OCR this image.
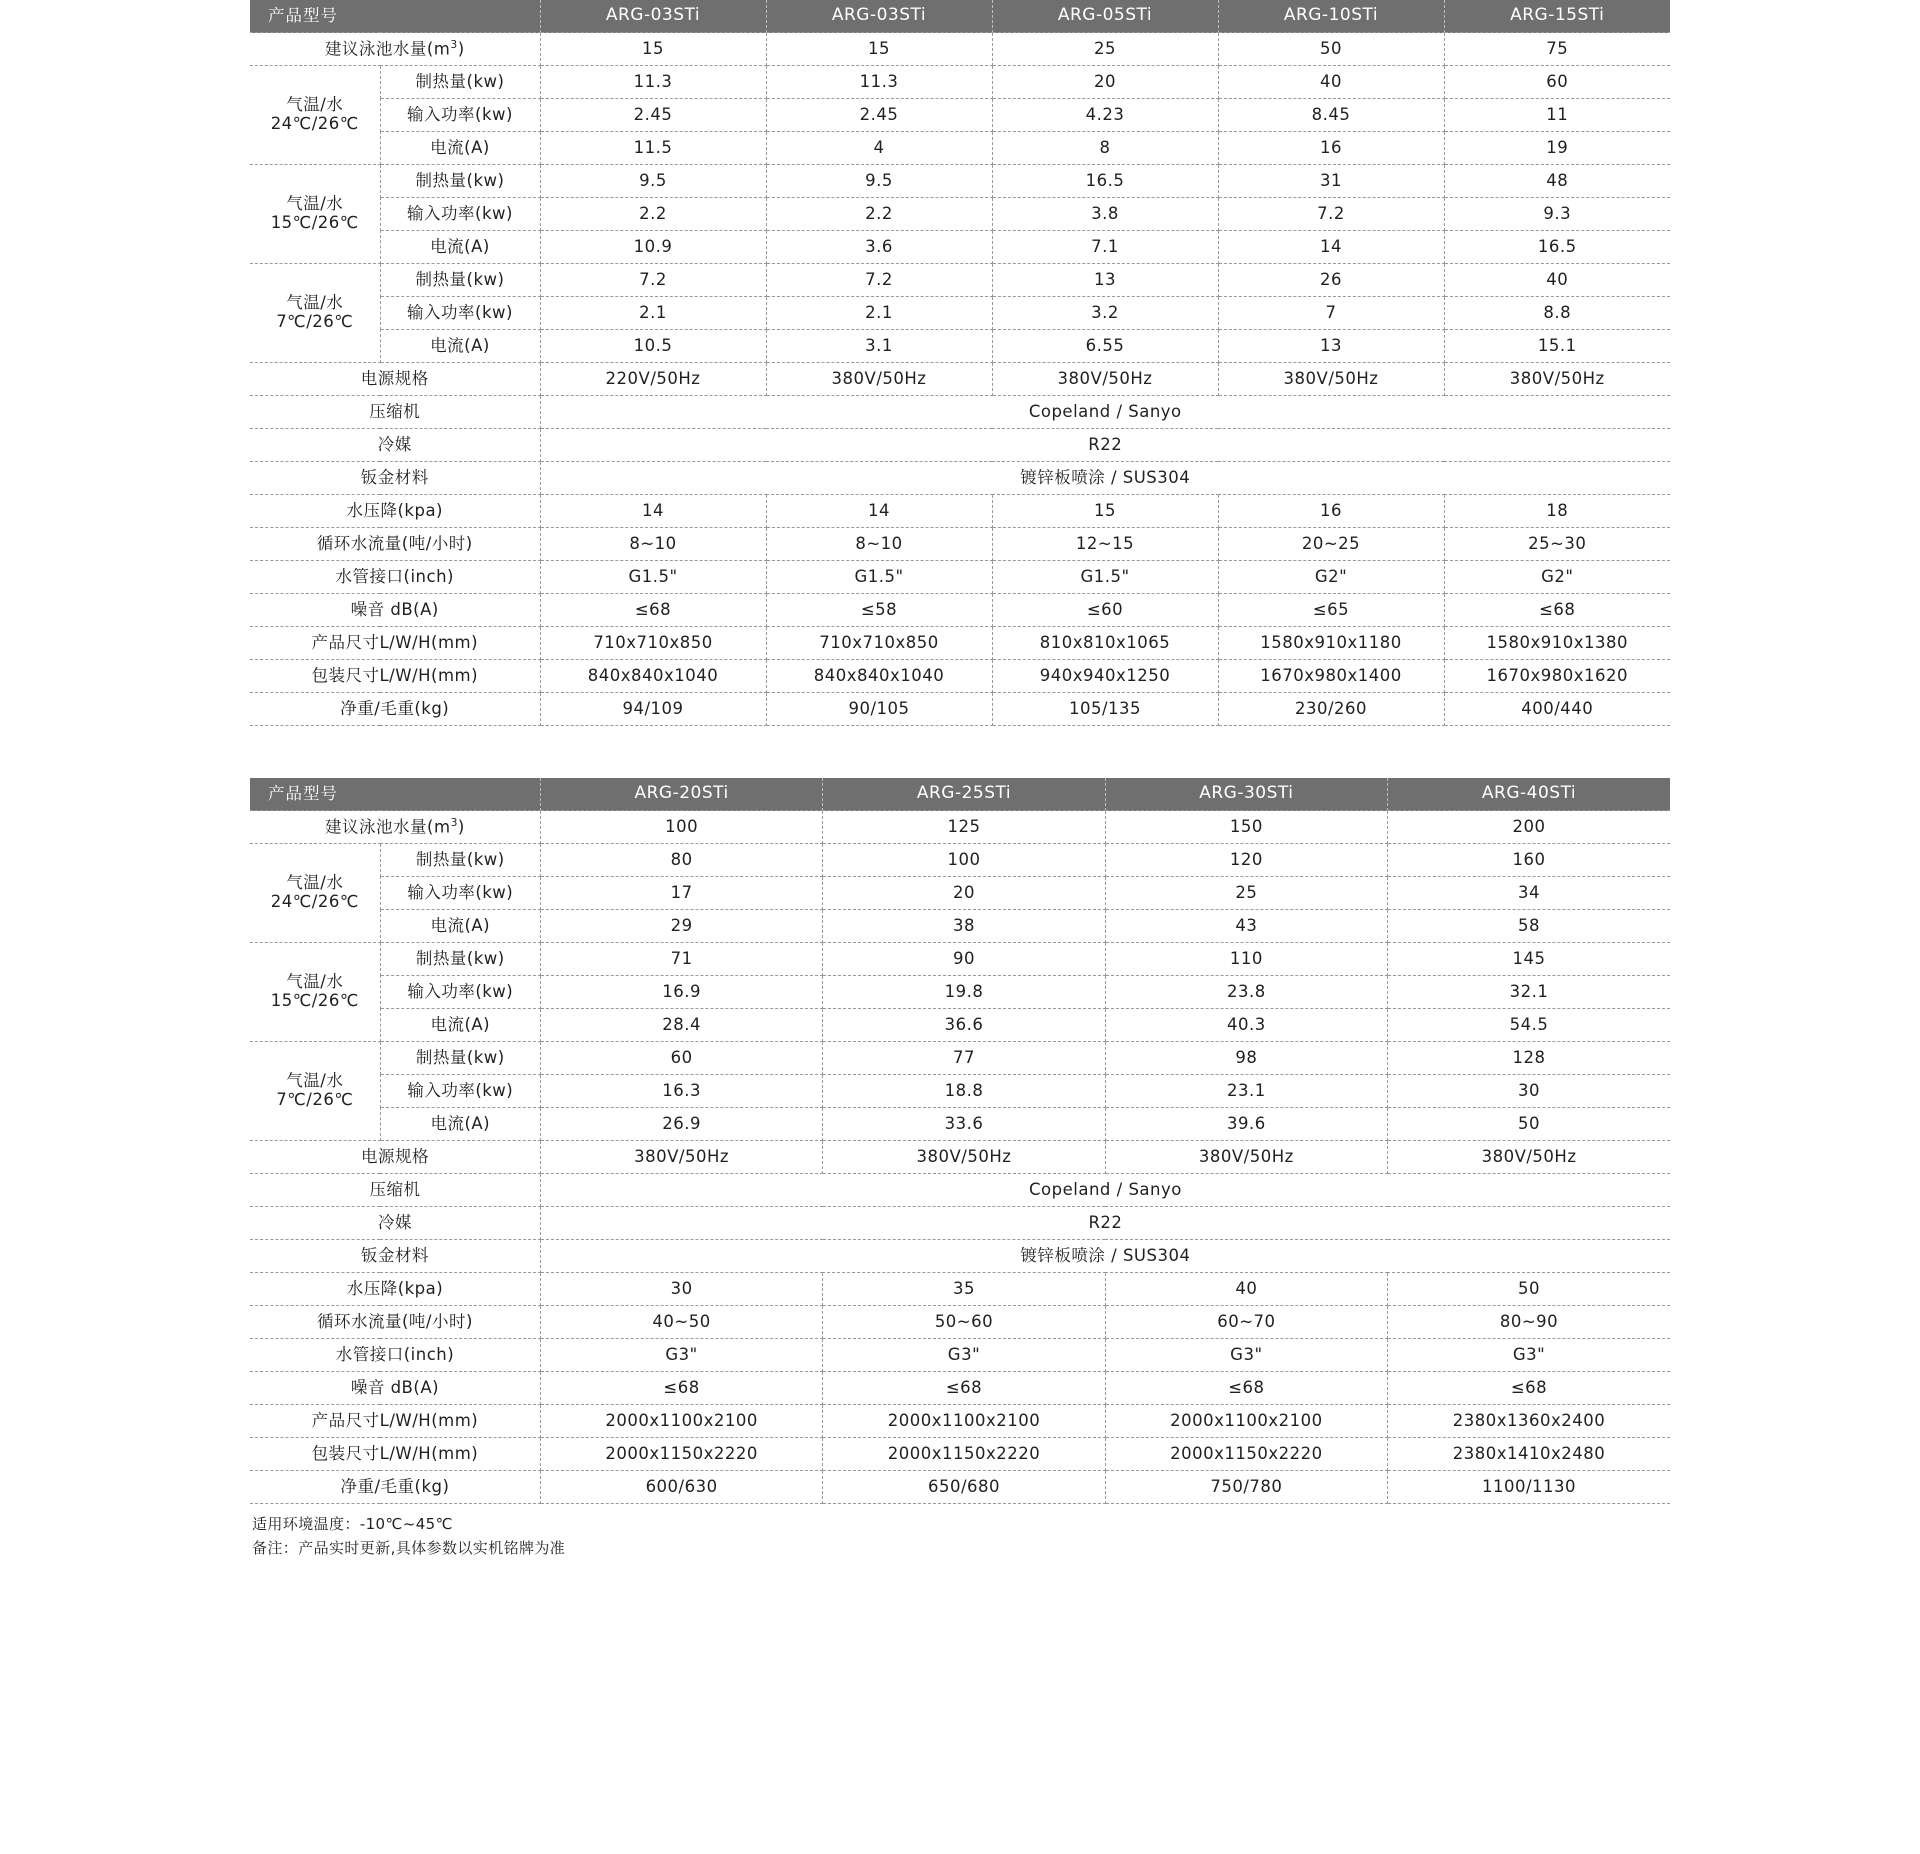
产品型号		ARG-03STi	ARG-03STi	ARG-05STi	ARG-10STi	ARG-15STi
建议泳池水量$(m^3)$		15	15	25	50	75

气温/水
24℃/26℃	制热量(kw)	11.3	11.3	20	40	60
	输入功率(kw)	2.45	2.45	4.23	8.45	11
	电流(A)	11.5	4	8	16	19

气温/水
15℃/26℃	制热量(kw)	9.5	9.5	16.5	31	48
	输入功率(kw)	2.2	2.2	3.8	7.2	9.3
	电流(A)	10.9	3.6	7.1	14	16.5

气温/水
7℃/26℃	制热量(kw)	7.2	7.2	13	26	40
	输入功率(kw)	2.1	2.1	3.2	7	8.8
	电流(A)	10.5	3.1	6.55	13	15.1
电源规格		220V/50Hz	380V/50Hz	380V/50Hz	380V/50Hz	380V/50Hz
压缩机		Copeland / Sanyo				
冷媒		R22				
钣金材料		镀锌板喷涂 / SUS304				
水压降(kpa)		14	14	15	16	18
循环水流量(吨/小时)		8~10	8~10	12~15	20~25	25~30
水管接口(inch)		G1.5"	G1.5"	G1.5"	G2"	G2"
噪音 dB(A)		≤68	≤58	≤60	≤65	≤68
产品尺寸L/W/H(mm)		710x710x850	710x710x850	810x810x1065	1580x910x1180	1580x910x1380
包装尺寸L/W/H(mm)		840x840x1040	840x840x1040	940x940x1250	1670x980x1400	1670x980x1620
净重/毛重(kg)		94/109	90/105	105/135	230/260	400/440
产品型号		ARG-20STi	ARG-25STi	ARG-30STi	ARG-40STi
建议泳池水量$(m^3)$		100	125	150	200

气温/水
24℃/26℃	制热量(kw)	80	100	120	160
	输入功率(kw)	17	20	25	34
	电流(A)	29	38	43	58

气温/水
15℃/26℃	制热量(kw)	71	90	110	145
	输入功率(kw)	16.9	19.8	23.8	32.1
	电流(A)	28.4	36.6	40.3	54.5

气温/水
7℃/26℃	制热量(kw)	60	77	98	128
	输入功率(kw)	16.3	18.8	23.1	30
	电流(A)	26.9	33.6	39.6	50
电源规格		380V/50Hz	380V/50Hz	380V/50Hz	380V/50Hz
压缩机		Copeland / Sanyo			
冷媒		R22			
钣金材料		镀锌板喷涂 / SUS304			
水压降(kpa)		30	35	40	50
循环水流量(吨/小时)		40~50	50~60	60~70	80~90
水管接口(inch)		G3"	G3"	G3"	G3"
噪音 dB(A)		≤68	≤68	≤68	≤68
产品尺寸L/W/H(mm)		2000x1100x2100	2000x1100x2100	2000x1100x2100	2380x1360x2400
包装尺寸L/W/H(mm)		2000x1150x2220	2000x1150x2220	2000x1150x2220	2380x1410x2480
净重/毛重(kg)		600/630	650/680	750/780	1100/1130
适用环境温度：-10℃~45℃
备注：产品实时更新,具体参数以实机铭牌为准
